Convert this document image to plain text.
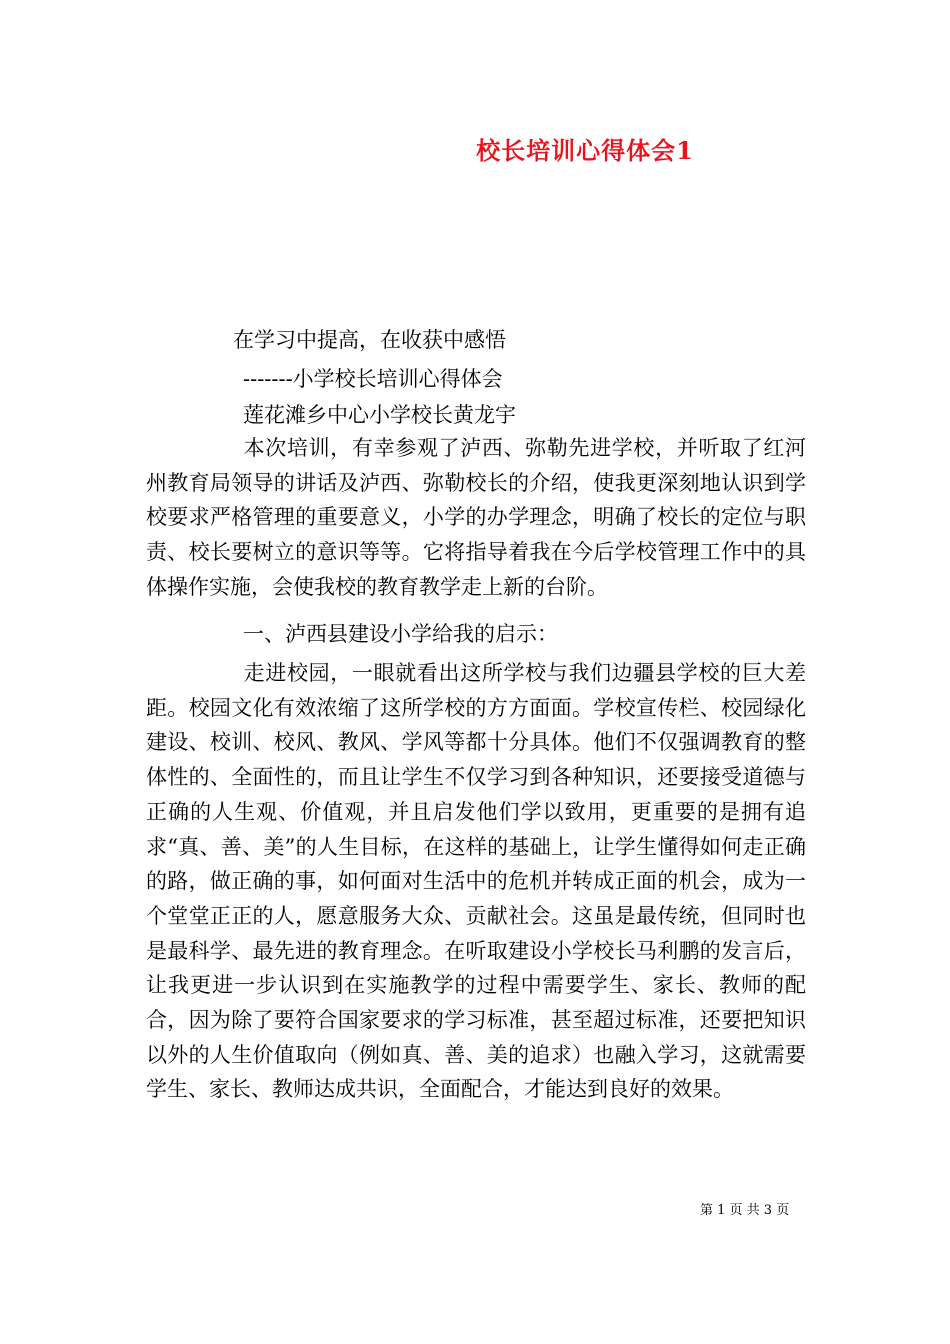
校长培训心得体会1
在学习中提高，在收获中感悟
-------小学校长培训心得体会
莲花滩乡中心小学校长黄龙宇

本次培训，有幸参观了泸西、弥勒先进学校，并听取了红河州教育局领导的讲话及泸西、弥勒校长的介绍，使我更深刻地认识到学校要求严格管理的重要意义，小学的办学理念，明确了校长的定位与职责、校长要树立的意识等等。它将指导着我在今后学校管理工作中的具体操作实施，会使我校的教育教学走上新的台阶。

一、泸西县建设小学给我的启示：

走进校园，一眼就看出这所学校与我们边疆县学校的巨大差距。校园文化有效浓缩了这所学校的方方面面。学校宣传栏、校园绿化建设、校训、校风、教风、学风等都十分具体。他们不仅强调教育的整体性的、全面性的，而且让学生不仅学习到各种知识，还要接受道德与正确的人生观、价值观，并且启发他们学以致用，更重要的是拥有追求“真、善、美”的人生目标，在这样的基础上，让学生懂得如何走正确的路，做正确的事，如何面对生活中的危机并转成正面的机会，成为一个堂堂正正的人，愿意服务大众、贡献社会。这虽是最传统，但同时也是最科学、最先进的教育理念。在听取建设小学校长马利鹏的发言后，让我更进一步认识到在实施教学的过程中需要学生、家长、教师的配合，因为除了要符合国家要求的学习标准，甚至超过标准，还要把知识以外的人生价值取向（例如真、善、美的追求）也融入学习，这就需要学生、家长、教师达成共识，全面配合，才能达到良好的效果。

第 1 页 共 3 页
